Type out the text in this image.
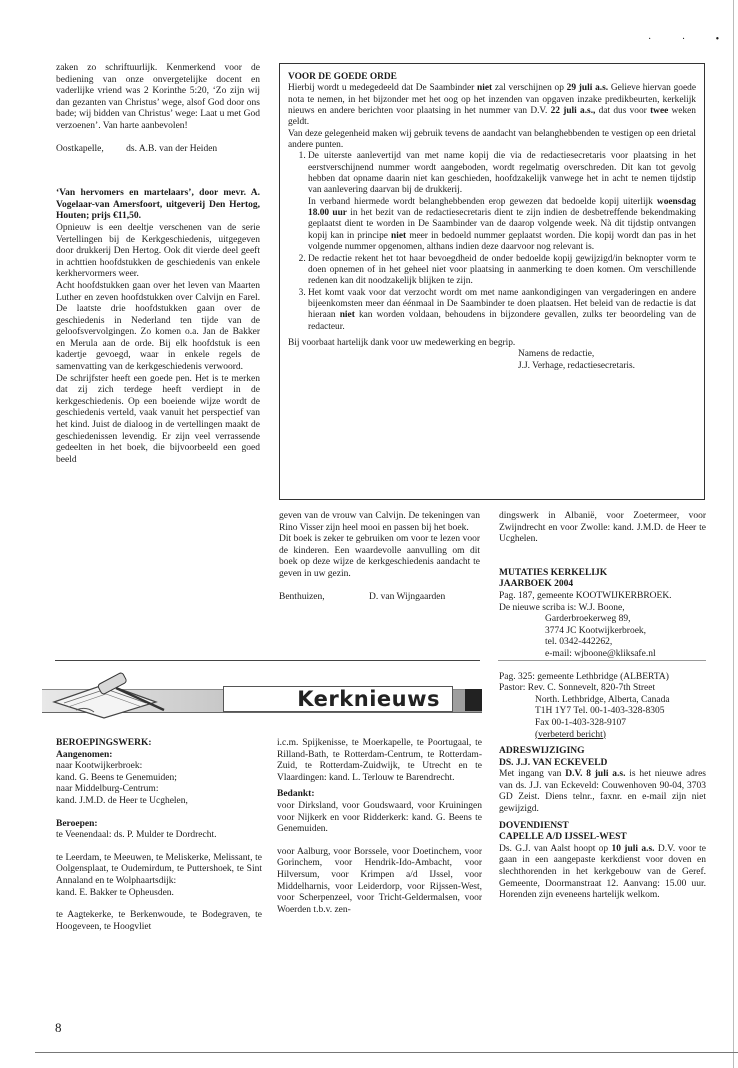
· · •

zaken zo schriftuurlijk. Kenmerkend voor de bediening van onze onvergetelijke docent en vaderlijke vriend was 2 Korinthe 5:20, ‘Zo zijn wij dan gezanten van Christus’ wege, alsof God door ons bade; wij bidden van Christus’ wege: Laat u met God verzoenen’. Van harte aanbevolen!

Oostkapelle, ds. A.B. van der Heiden

‘Van hervomers en martelaars’, door mevr. A. Vogelaar-van Amersfoort, uitgeverij Den Hertog, Houten; prijs €11,50.

Opnieuw is een deeltje verschenen van de serie Vertellingen bij de Kerkgeschiedenis, uitgegeven door drukkerij Den Hertog. Ook dit vierde deel geeft in achttien hoofdstukken de geschiedenis van enkele kerkhervormers weer.

Acht hoofdstukken gaan over het leven van Maarten Luther en zeven hoofdstukken over Calvijn en Farel. De laatste drie hoofdstukken gaan over de geschiedenis in Nederland ten tijde van de geloofsvervolgingen. Zo komen o.a. Jan de Bakker en Merula aan de orde. Bij elk hoofdstuk is een kadertje gevoegd, waar in enkele regels de samenvatting van de kerkgeschiedenis verwoord.

De schrijfster heeft een goede pen. Het is te merken dat zij zich terdege heeft verdiept in de kerkgeschiedenis. Op een boeiende wijze wordt de geschiedenis verteld, vaak vanuit het perspectief van het kind. Juist de dialoog in de vertellingen maakt de geschiedenissen levendig. Er zijn veel verrassende gedeelten in het boek, die bijvoorbeeld een goed beeld

VOOR DE GOEDE ORDE

Hierbij wordt u medegedeeld dat De Saambinder niet zal verschijnen op 29 juli a.s. Gelieve hiervan goede nota te nemen, in het bijzonder met het oog op het inzenden van opgaven inzake predikbeurten, kerkelijk nieuws en andere berichten voor plaatsing in het nummer van D.V. 22 juli a.s., dat dus voor twee weken geldt.

Van deze gelegenheid maken wij gebruik tevens de aandacht van belanghebbenden te vestigen op een drietal andere punten.

1. De uiterste aanlevertijd van met name kopij die via de redactiesecretaris voor plaatsing in het eerstverschijnend nummer wordt aangeboden, wordt regelmatig overschreden. Dit kan tot gevolg hebben dat opname daarin niet kan geschieden, hoofdzakelijk vanwege het in acht te nemen tijdstip van aanlevering daarvan bij de drukkerij.
In verband hiermede wordt belanghebbenden erop gewezen dat bedoelde kopij uiterlijk woensdag 18.00 uur in het bezit van de redactiesecretaris dient te zijn indien de desbetreffende bekendmaking geplaatst dient te worden in De Saambinder van de daarop volgende week. Nà dit tijdstip ontvangen kopij kan in principe niet meer in bedoeld nummer geplaatst worden. Die kopij wordt dan pas in het volgende nummer opgenomen, althans indien deze daarvoor nog relevant is.
2. De redactie rekent het tot haar bevoegdheid de onder bedoelde kopij gewijzigd/in beknopter vorm te doen opnemen of in het geheel niet voor plaatsing in aanmerking te doen komen. Om verschillende redenen kan dit noodzakelijk blijken te zijn.
3. Het komt vaak voor dat verzocht wordt om met name aankondigingen van vergaderingen en andere bijeenkomsten meer dan éénmaal in De Saambinder te doen plaatsen. Het beleid van de redactie is dat hieraan niet kan worden voldaan, behoudens in bijzondere gevallen, zulks ter beoordeling van de redacteur.

Bij voorbaat hartelijk dank voor uw medewerking en begrip.

Namens de redactie,

J.J. Verhage, redactiesecretaris.

geven van de vrouw van Calvijn. De tekeningen van Rino Visser zijn heel mooi en passen bij het boek.

Dit boek is zeker te gebruiken om voor te lezen voor de kinderen. Een waardevolle aanvulling om dit boek op deze wijze de kerkgeschiedenis aandacht te geven in uw gezin.

Benthuizen,	D. van Wijngaarden

dingswerk in Albanië, voor Zoetermeer, voor Zwijndrecht en voor Zwolle: kand. J.M.D. de Heer te Ucghelen.

MUTATIES KERKELIJK

JAARBOEK 2004

Pag. 187, gemeente KOOTWIJKERBROEK.

De nieuwe scriba is: W.J. Boone,

Garderbroekerweg 89,

3774 JC Kootwijkerbroek,

tel. 0342-442262,

e-mail: wjboone@kliksafe.nl

Pag. 325: gemeente Lethbridge (ALBERTA)

Pastor: Rev. C. Sonnevelt, 820-7th Street

North. Lethbridge, Alberta, Canada

T1H 1Y7 Tel. 00-1-403-328-8305

Fax 00-1-403-328-9107

(verbeterd bericht)

ADRESWIJZIGING

DS. J.J. VAN ECKEVELD

Met ingang van D.V. 8 juli a.s. is het nieuwe adres van ds. J.J. van Eckeveld: Couwenhoven 90-04, 3703 GD Zeist. Diens telnr., faxnr. en e-mail zijn niet gewijzigd.

DOVENDIENST

CAPELLE A/D IJSSEL-WEST

Ds. G.J. van Aalst hoopt op 10 juli a.s. D.V. voor te gaan in een aangepaste kerkdienst voor doven en slechthorenden in het kerkgebouw van de Geref. Gemeente, Doormanstraat 12. Aanvang: 15.00 uur. Horenden zijn eveneens hartelijk welkom.

Kerknieuws

BEROEPINGSWERK:

Aangenomen:

naar Kootwijkerbroek:

kand. G. Beens te Genemuiden;

naar Middelburg-Centrum:

kand. J.M.D. de Heer te Ucghelen,

Beroepen:

te Veenendaal: ds. P. Mulder te Dordrecht.

te Leerdam, te Meeuwen, te Meliskerke, Melissant, te Oolgensplaat, te Oudemirdum, te Puttershoek, te Sint Annaland en te Wolphaartsdijk:

kand. E. Bakker te Opheusden.

te Aagtekerke, te Berkenwoude, te Bodegraven, te Hoogeveen, te Hoogvliet

i.c.m. Spijkenisse, te Moerkapelle, te Poortugaal, te Rilland-Bath, te Rotterdam-Centrum, te Rotterdam-Zuid, te Rotterdam-Zuidwijk, te Utrecht en te Vlaardingen: kand. L. Terlouw te Barendrecht.

Bedankt:

voor Dirksland, voor Goudswaard, voor Kruiningen voor Nijkerk en voor Ridderkerk: kand. G. Beens te Genemuiden.

voor Aalburg, voor Borssele, voor Doetinchem, voor Gorinchem, voor Hendrik-Ido-Ambacht, voor Hilversum, voor Krimpen a/d IJssel, voor Middelharnis, voor Leiderdorp, voor Rijssen-West, voor Scherpenzeel, voor Tricht-Geldermalsen, voor Woerden t.b.v. zen-

8
